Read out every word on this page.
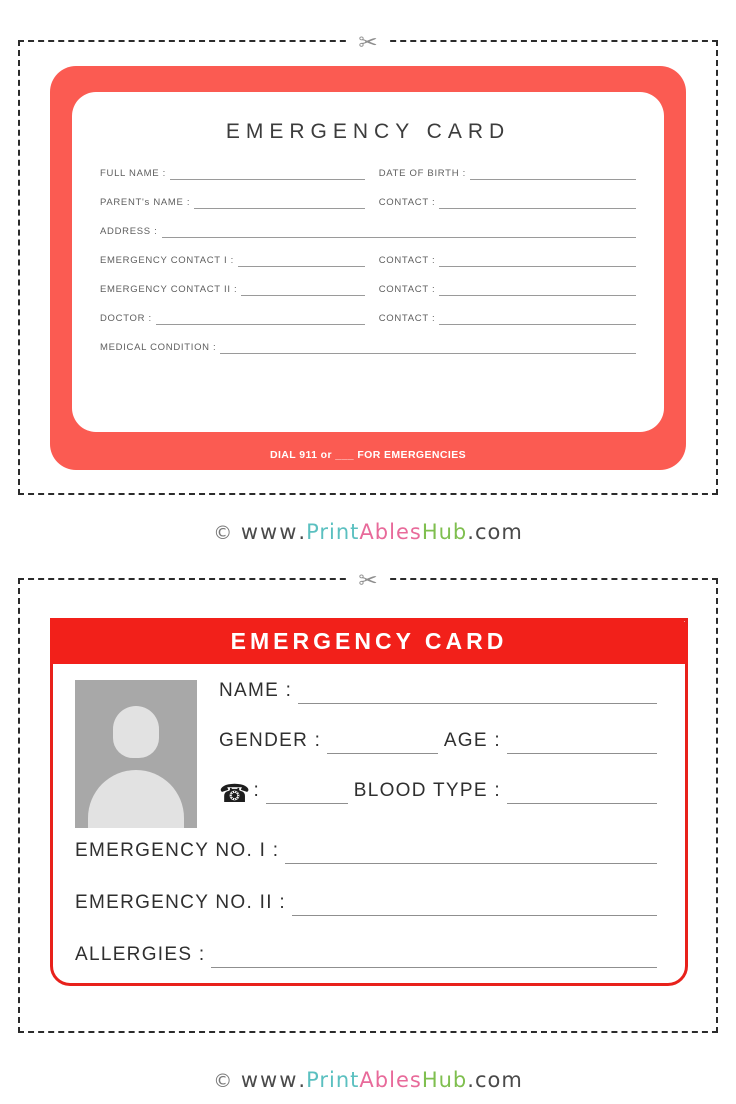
✂
EMERGENCY CARD
FULL NAME :	DATE OF BIRTH :
PARENT's NAME :	CONTACT :
ADDRESS :
EMERGENCY CONTACT I :	CONTACT :
EMERGENCY CONTACT II :	CONTACT :
DOCTOR :	CONTACT :
MEDICAL CONDITION :
DIAL 911 or ___ FOR EMERGENCIES
© www.PrintAblesHub.com
✂
EMERGENCY CARD
NAME :
GENDER :	AGE :
☎ :	BLOOD TYPE :
EMERGENCY NO. I :
EMERGENCY NO. II :
ALLERGIES :
© www.PrintAblesHub.com
